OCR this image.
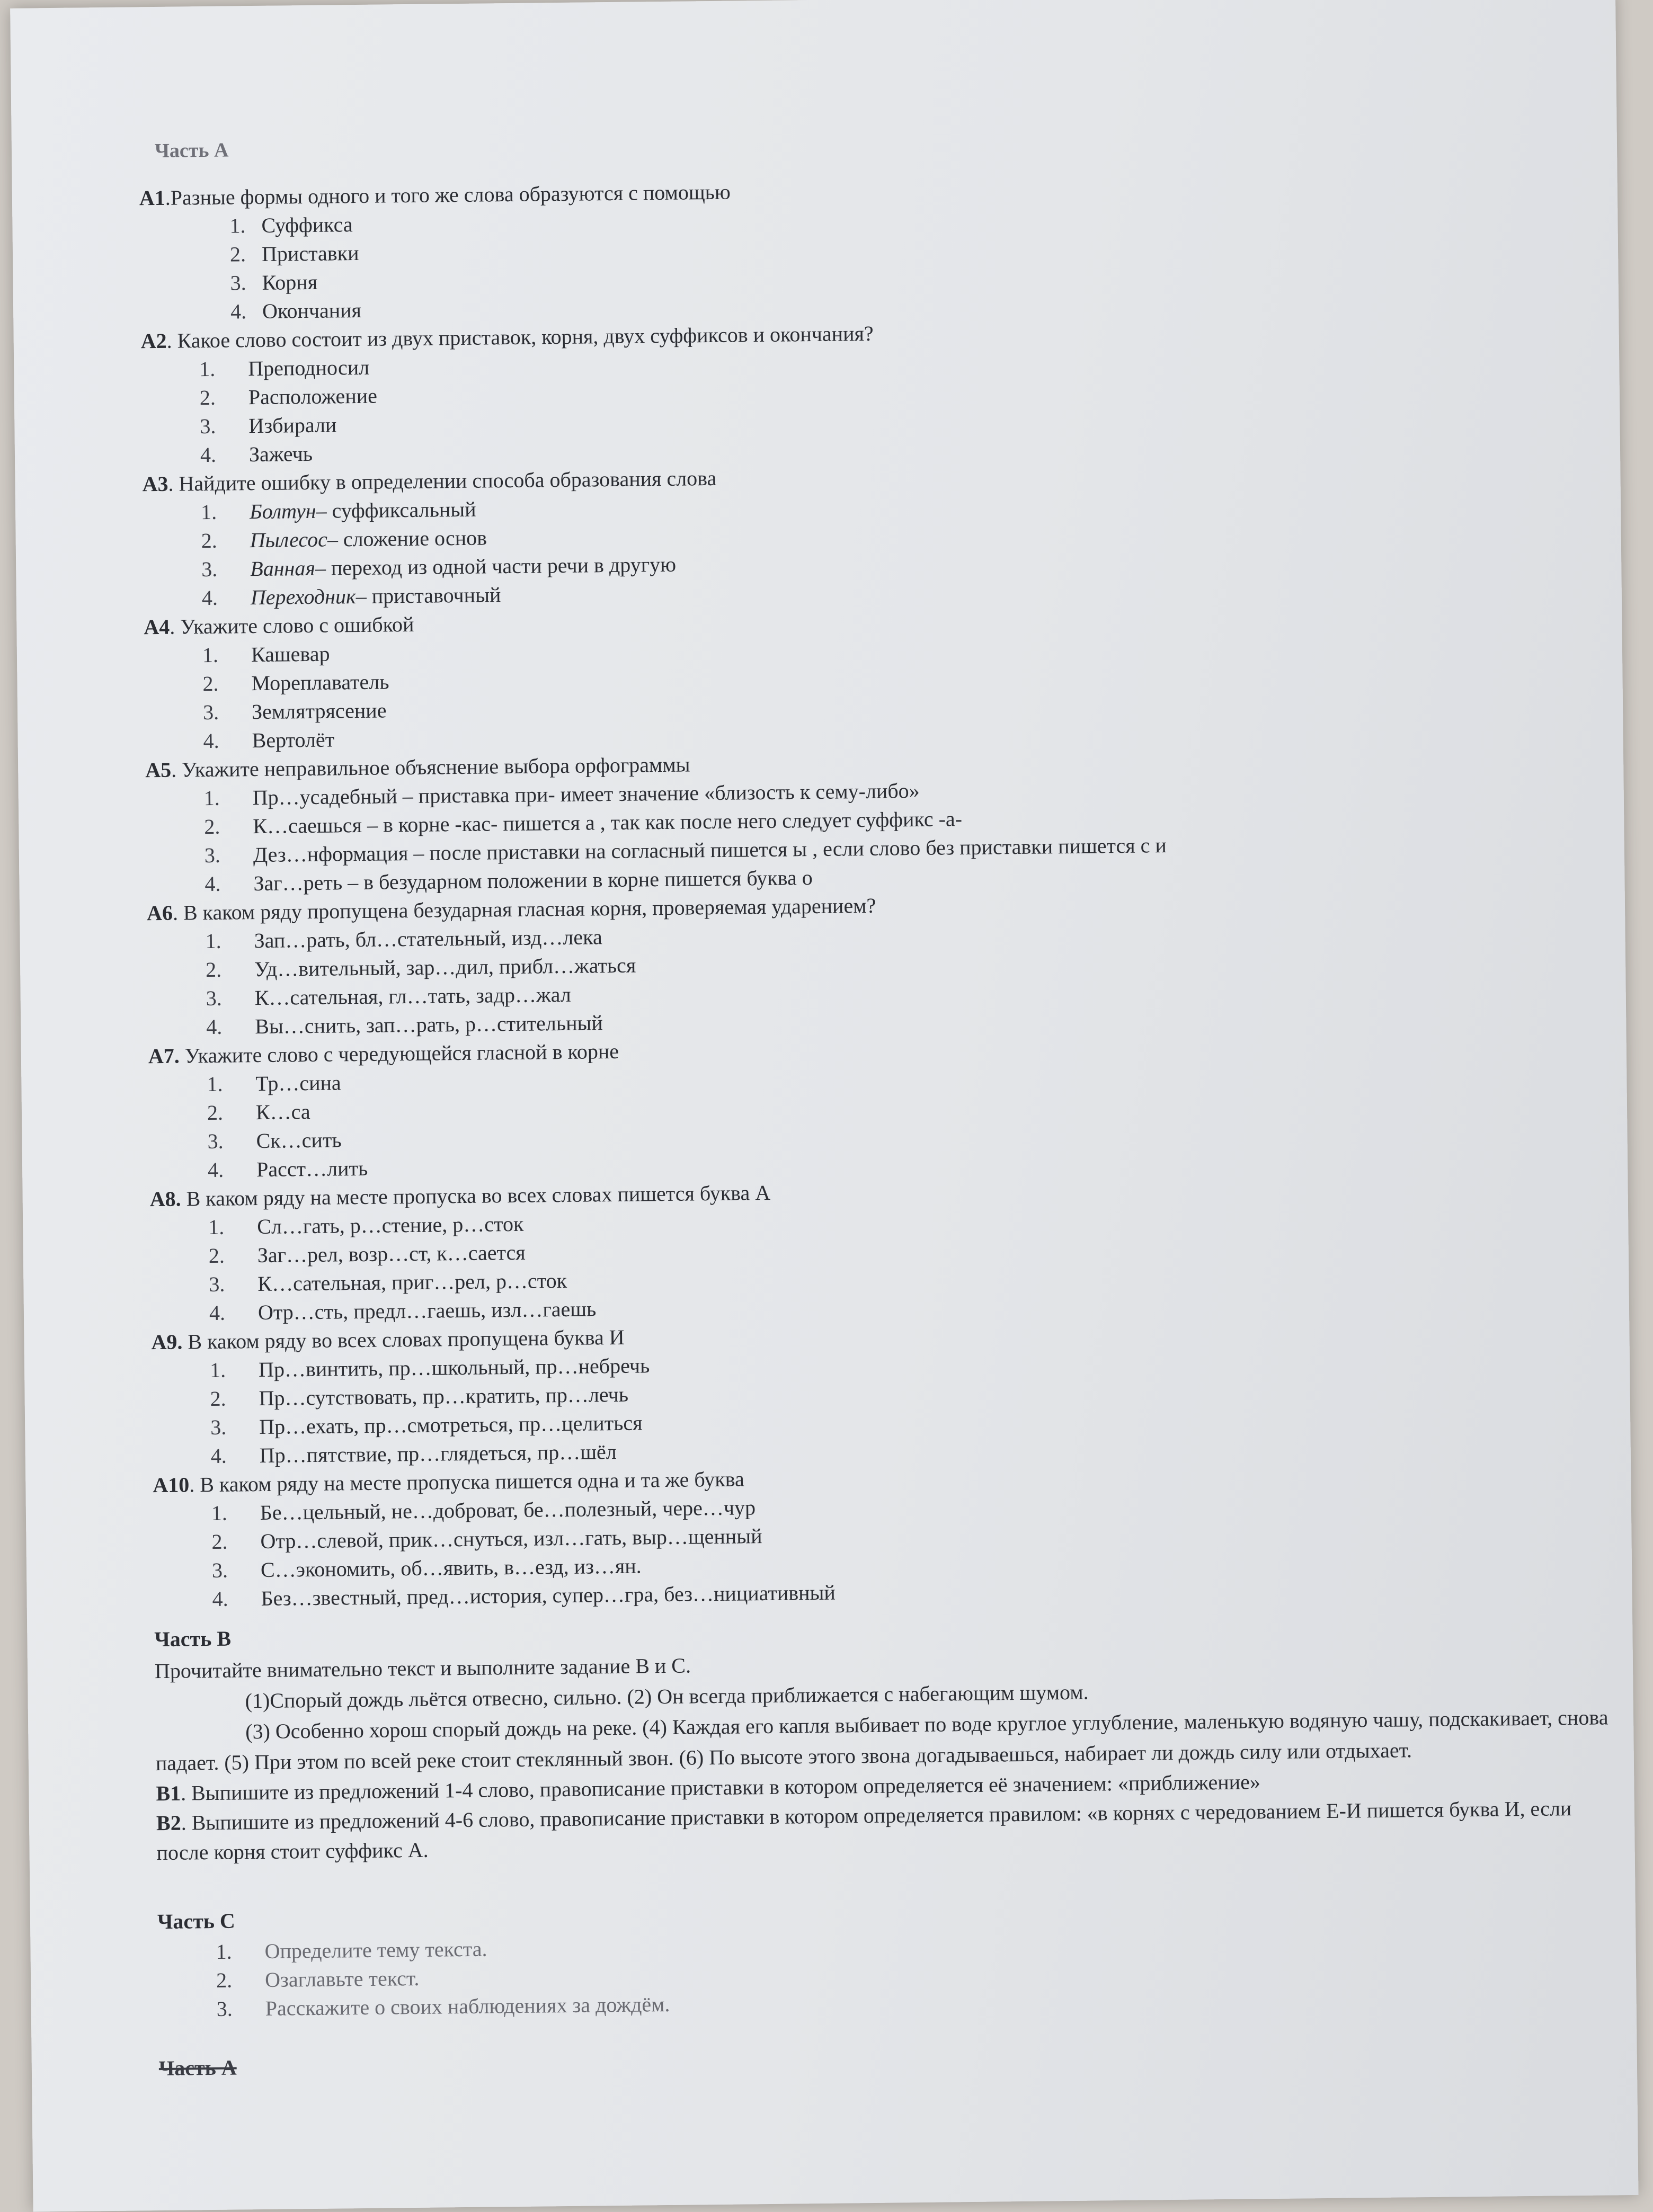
Часть А

А1.Разные формы одного и того же слова образуются с помощью

1. Суффикса
2. Приставки
3. Корня
4. Окончания

А2. Какое слово состоит из двух приставок, корня, двух суффиксов и окончания?

1.	Преподносил
2.	Расположение
3.	Избирали
4.	Зажечь

А3. Найдите ошибку в определении способа образования слова

1.	Болтун – суффиксальный
2.	Пылесос – сложение основ
3.	Ванная – переход из одной части речи в другую
4.	Переходник – приставочный

А4. Укажите слово с ошибкой

1.	Кашевар
2.	Мореплаватель
3.	Землятрясение
4.	Вертолёт

А5. Укажите неправильное объяснение выбора орфограммы

1.	Пр…усадебный – приставка при- имеет значение «близость к сему-либо»
2.	К…саешься – в корне -кас- пишется а , так как после него следует суффикс -а-
3.	Дез…нформация – после приставки на согласный пишется ы , если слово без приставки пишется с и
4.	Заг…реть – в безударном положении в корне пишется буква о

А6. В каком ряду пропущена безударная гласная корня, проверяемая ударением?

1.	Зап…рать, бл…стательный, изд…лека
2.	Уд…вительный, зар…дил, прибл…жаться
3.	К…сательная, гл…тать, задр…жал
4.	Вы…снить, зап…рать, р…стительный

А7. Укажите слово с чередующейся гласной в корне

1.	Тр…сина
2.	К…са
3.	Ск…сить
4.	Расст…лить

А8. В каком ряду на месте пропуска во всех словах пишется буква А

1.	Сл…гать, р…стение, р…сток
2.	Заг…рел, возр…ст, к…сается
3.	К…сательная, приг…рел, р…сток
4.	Отр…сть, предл…гаешь, изл…гаешь

А9. В каком ряду во всех словах пропущена буква И

1.	Пр…винтить, пр…школьный, пр…небречь
2.	Пр…сутствовать, пр…кратить, пр…лечь
3.	Пр…ехать, пр…смотреться, пр…целиться
4.	Пр…пятствие, пр…глядеться, пр…шёл

А10. В каком ряду на месте пропуска пишется одна и та же буква

1.	Бе…цельный, не…доброват, бе…полезный, чере…чур
2.	Отр…слевой, прик…снуться, изл…гать, выр…щенный
3.	С…экономить, об…явить, в…езд, из…ян.
4.	Без…звестный, пред…история, супер…гра, без…нициативный
Часть В

Прочитайте внимательно текст и выполните задание В и С.

(1)Спорый дождь льётся отвесно, сильно. (2) Он всегда приближается с набегающим шумом.

(3) Особенно хорош спорый дождь на реке. (4) Каждая его капля выбивает по воде круглое углубление, маленькую водяную чашу, подскакивает, снова падает. (5) При этом по всей реке стоит стеклянный звон. (6) По высоте этого звона догадываешься, набирает ли дождь силу или отдыхает.

В1. Выпишите из предложений 1-4 слово, правописание приставки в котором определяется её значением: «приближение»

В2. Выпишите из предложений 4-6 слово, правописание приставки в котором определяется правилом: «в корнях с чередованием Е-И пишется буква И, если после корня стоит суффикс А.

Часть С
1.	Определите тему текста.
2.	Озаглавьте текст.
3.	Расскажите о своих наблюдениях за дождём.
Часть А
